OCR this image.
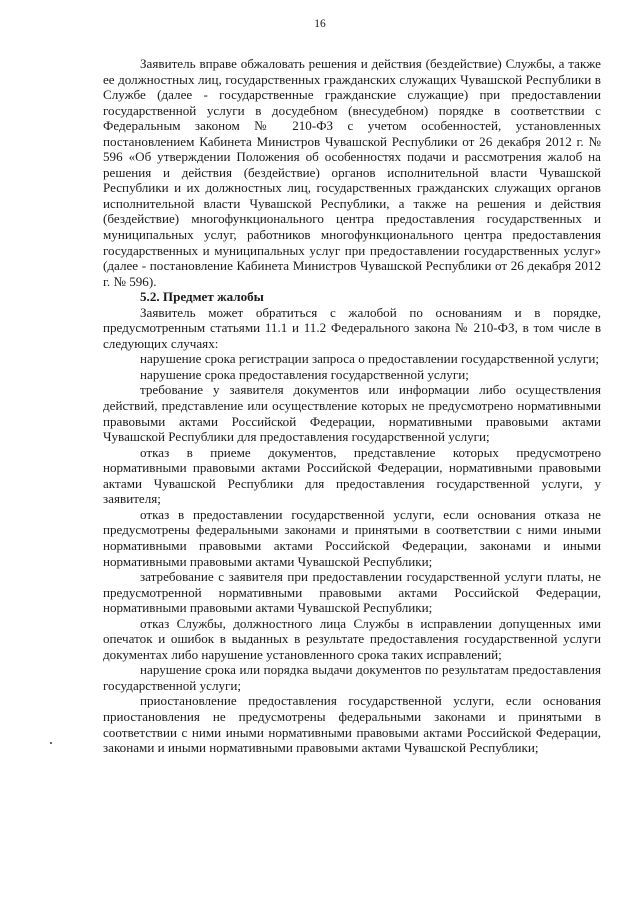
16

Заявитель вправе обжаловать решения и действия (бездействие) Службы, а также ее должностных лиц, государственных гражданских служащих Чувашской Республики в Службе (далее - государственные гражданские служащие) при предоставлении государственной услуги в досудебном (внесудебном) порядке в соответствии с Федеральным законом № 210-ФЗ с учетом особенностей, установленных постановлением Кабинета Министров Чувашской Республики от 26 декабря 2012 г. № 596 «Об утверждении Положения об особенностях подачи и рассмотрения жалоб на решения и действия (бездействие) органов исполнительной власти Чувашской Республики и их должностных лиц, государственных гражданских служащих органов исполнительной власти Чувашской Республики, а также на решения и действия (бездействие) многофункционального центра предоставления государственных и муниципальных услуг, работников многофункционального центра предоставления государственных и муниципальных услуг при предоставлении государственных услуг» (далее - постановление Кабинета Министров Чувашской Республики от 26 декабря 2012 г. № 596).

5.2. Предмет жалобы

Заявитель может обратиться с жалобой по основаниям и в порядке, предусмотренным статьями 11.1 и 11.2 Федерального закона № 210-ФЗ, в том числе в следующих случаях:

нарушение срока регистрации запроса о предоставлении государственной услуги;

нарушение срока предоставления государственной услуги;

требование у заявителя документов или информации либо осуществления действий, представление или осуществление которых не предусмотрено нормативными правовыми актами Российской Федерации, нормативными правовыми актами Чувашской Республики для предоставления государственной услуги;

отказ в приеме документов, представление которых предусмотрено нормативными правовыми актами Российской Федерации, нормативными правовыми актами Чувашской Республики для предоставления государственной услуги, у заявителя;

отказ в предоставлении государственной услуги, если основания отказа не предусмотрены федеральными законами и принятыми в соответствии с ними иными нормативными правовыми актами Российской Федерации, законами и иными нормативными правовыми актами Чувашской Республики;

затребование с заявителя при предоставлении государственной услуги платы, не предусмотренной нормативными правовыми актами Российской Федерации, нормативными правовыми актами Чувашской Республики;

отказ Службы, должностного лица Службы в исправлении допущенных ими опечаток и ошибок в выданных в результате предоставления государственной услуги документах либо нарушение установленного срока таких исправлений;

нарушение срока или порядка выдачи документов по результатам предоставления государственной услуги;

приостановление предоставления государственной услуги, если основания приостановления не предусмотрены федеральными законами и принятыми в соответствии с ними иными нормативными правовыми актами Российской Федерации, законами и иными нормативными правовыми актами Чувашской Республики;
